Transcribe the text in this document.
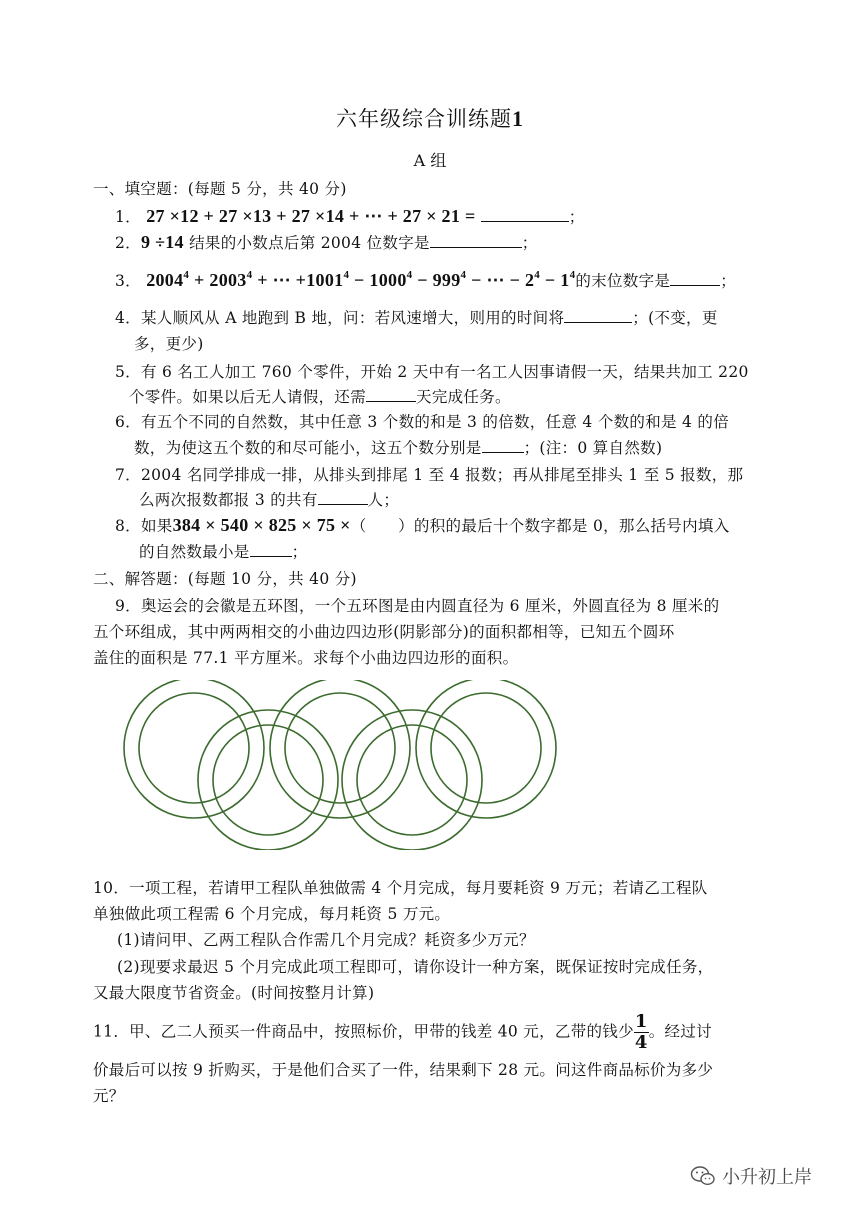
六年级综合训练题1
A 组
一、填空题：(每题 5 分，共 40 分)
1． 27 ×12 + 27 ×13 + 27 ×14 + ⋯ + 27 × 21 =	；
2．9 ÷14 结果的小数点后第 2004 位数字是	；
3． $2004^4 + 2003^4$ + ⋯ $+1001^4 - 1000^4 - 999^4$ − ⋯ − $2^4 - 1^4$的末位数字是	；
4．某人顺风从 A 地跑到 B 地，问：若风速增大，则用的时间将	；(不变，更
多，更少)
5．有 6 名工人加工 760 个零件，开始 2 天中有一名工人因事请假一天，结果共加工 220
个零件。如果以后无人请假，还需	天完成任务。
6．有五个不同的自然数，其中任意 3 个数的和是 3 的倍数，任意 4 个数的和是 4 的倍
数，为使这五个数的和尽可能小，这五个数分别是	；(注：0 算自然数)
7．2004 名同学排成一排，从排头到排尾 1 至 4 报数；再从排尾至排头 1 至 5 报数，那
么两次报数都报 3 的共有	人；
8．如果384 × 540 × 825 × 75 ×（　　）的积的最后十个数字都是 0，那么括号内填入
的自然数最小是	；
二、解答题：(每题 10 分，共 40 分)
9．奥运会的会徽是五环图，一个五环图是由内圆直径为 6 厘米，外圆直径为 8 厘米的
五个环组成，其中两两相交的小曲边四边形(阴影部分)的面积都相等，已知五个圆环
盖住的面积是 77.1 平方厘米。求每个小曲边四边形的面积。
10．一项工程，若请甲工程队单独做需 4 个月完成，每月要耗资 9 万元；若请乙工程队
单独做此项工程需 6 个月完成，每月耗资 5 万元。
(1)请问甲、乙两工程队合作需几个月完成？耗资多少万元？
(2)现要求最迟 5 个月完成此项工程即可，请你设计一种方案，既保证按时完成任务，
又最大限度节省资金。(时间按整月计算)
11．甲、乙二人预买一件商品中，按照标价，甲带的钱差 40 元，乙带的钱少 $\frac{1}{4}$ 。经过讨
价最后可以按 9 折购买，于是他们合买了一件，结果剩下 28 元。问这件商品标价为多少
元？
小升初上岸
